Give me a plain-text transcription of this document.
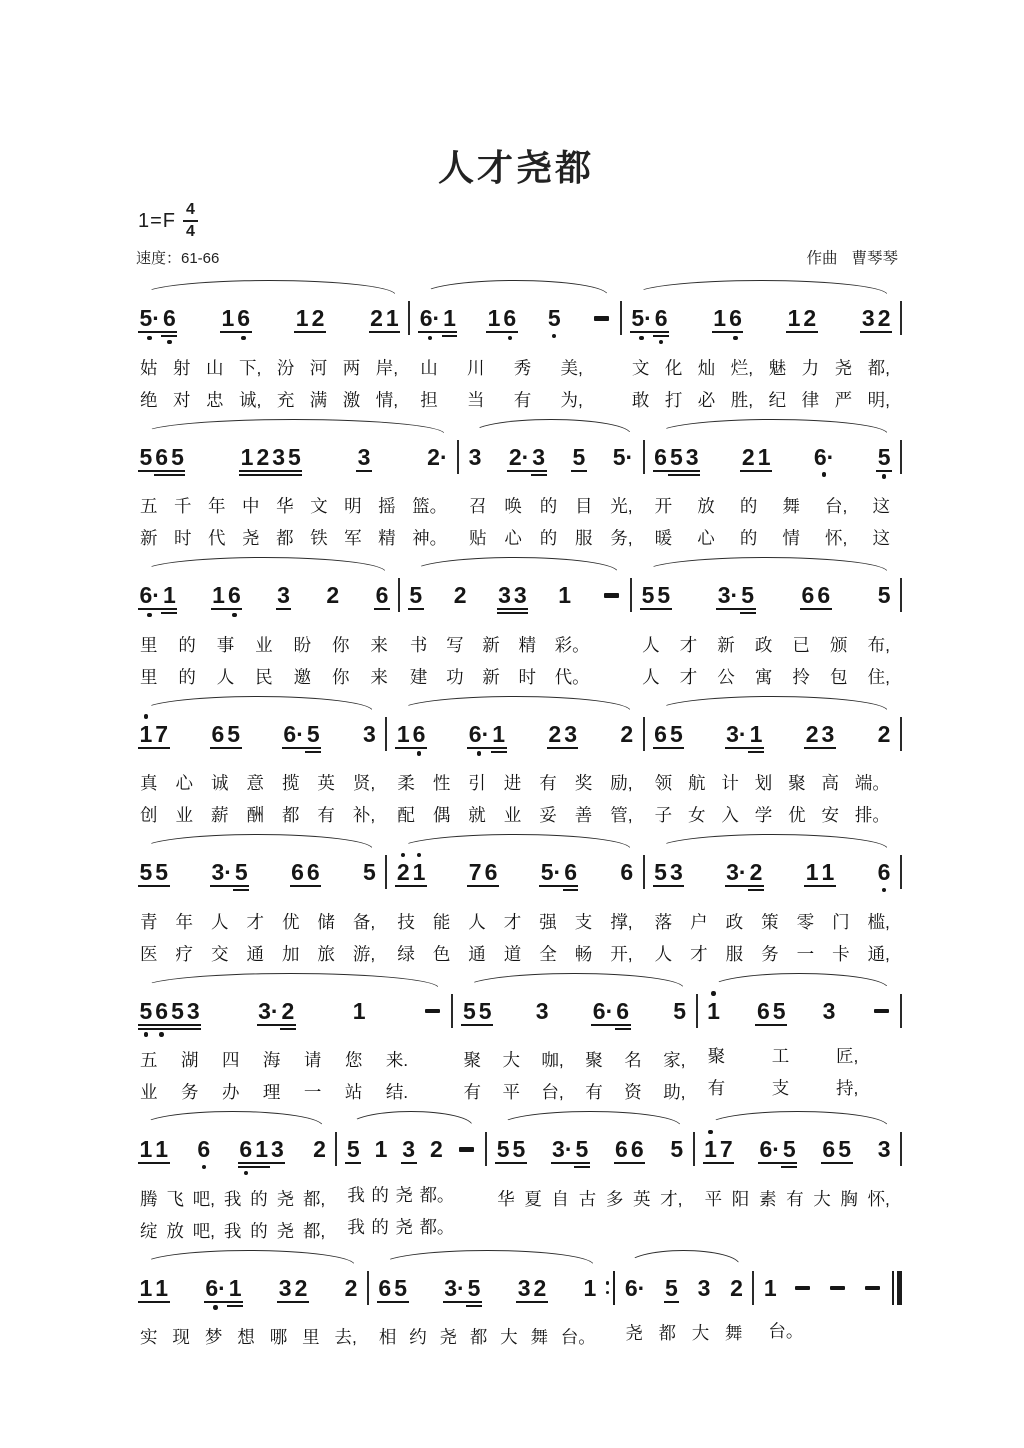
人才尧都
$1=F \frac{4}{4}$
速度：61-66	作曲 曹琴琴
5· 6 1 6 1 2 2 1
姑 射 山 下, 汾 河 两 岸,
绝 对 忠 诚, 充 满 激 情,
6· 1 1 6 5
山 川 秀 美,
担 当 有 为,
5· 6 1 6 1 2 3 2
文 化 灿 烂, 魅 力 尧 都,
敢 打 必 胜, 纪 律 严 明,
5 6 5 1 2 3 5 3 2·
五 千 年 中 华 文 明 摇 篮。
新 时 代 尧 都 铁 军 精 神。
3 2· 3 5 5·
召 唤 的 目 光,
贴 心 的 服 务,
6 5 3 2 1 6· 5
开 放 的 舞 台, 这
暖 心 的 情 怀, 这
6· 1 1 6 3 2 6
里 的 事 业 盼 你 来
里 的 人 民 邀 你 来
5 2 3 3 1
书 写 新 精 彩。
建 功 新 时 代。
5 5 3· 5 6 6 5
人 才 新 政 已 颁 布,
人 才 公 寓 拎 包 住,
1 7 6 5 6· 5 3
真 心 诚 意 揽 英 贤,
创 业 薪 酬 都 有 补,
1 6 6· 1 2 3 2
柔 性 引 进 有 奖 励,
配 偶 就 业 妥 善 管,
6 5 3· 1 2 3 2
领 航 计 划 聚 高 端。
子 女 入 学 优 安 排。
5 5 3· 5 6 6 5
青 年 人 才 优 储 备,
医 疗 交 通 加 旅 游,
2 1 7 6 5· 6 6
技 能 人 才 强 支 撑,
绿 色 通 道 全 畅 开,
5 3 3· 2 1 1 6
落 户 政 策 零 门 槛,
人 才 服 务 一 卡 通,
5 6 5 3	3· 2	1
五 湖 四 海 请 您 来.
业 务 办 理 一 站 结.
5 5 3 6· 6 5
聚 大 咖, 聚 名 家,
有 平 台, 有 资 助,
1 6 5 3
聚	工	匠,
有	支	持,
1 1 6 6 1 3 2
腾 飞 吧, 我 的 尧 都,
绽 放 吧, 我 的 尧 都,
5 1 3 2
我 的 尧 都。
我 的 尧 都。
5 5 3· 5 6 6 5
华 夏 自 古 多 英 才,
1 7 6· 5 6 5 3
平 阳 素 有 大 胸 怀,
1 1 6· 1 3 2 2
实 现 梦 想 哪 里 去,
6 5 3· 5 3 2 1
相 约 尧 都 大 舞 台。
6· 5 3 2
尧 都 大 舞
1
台。
